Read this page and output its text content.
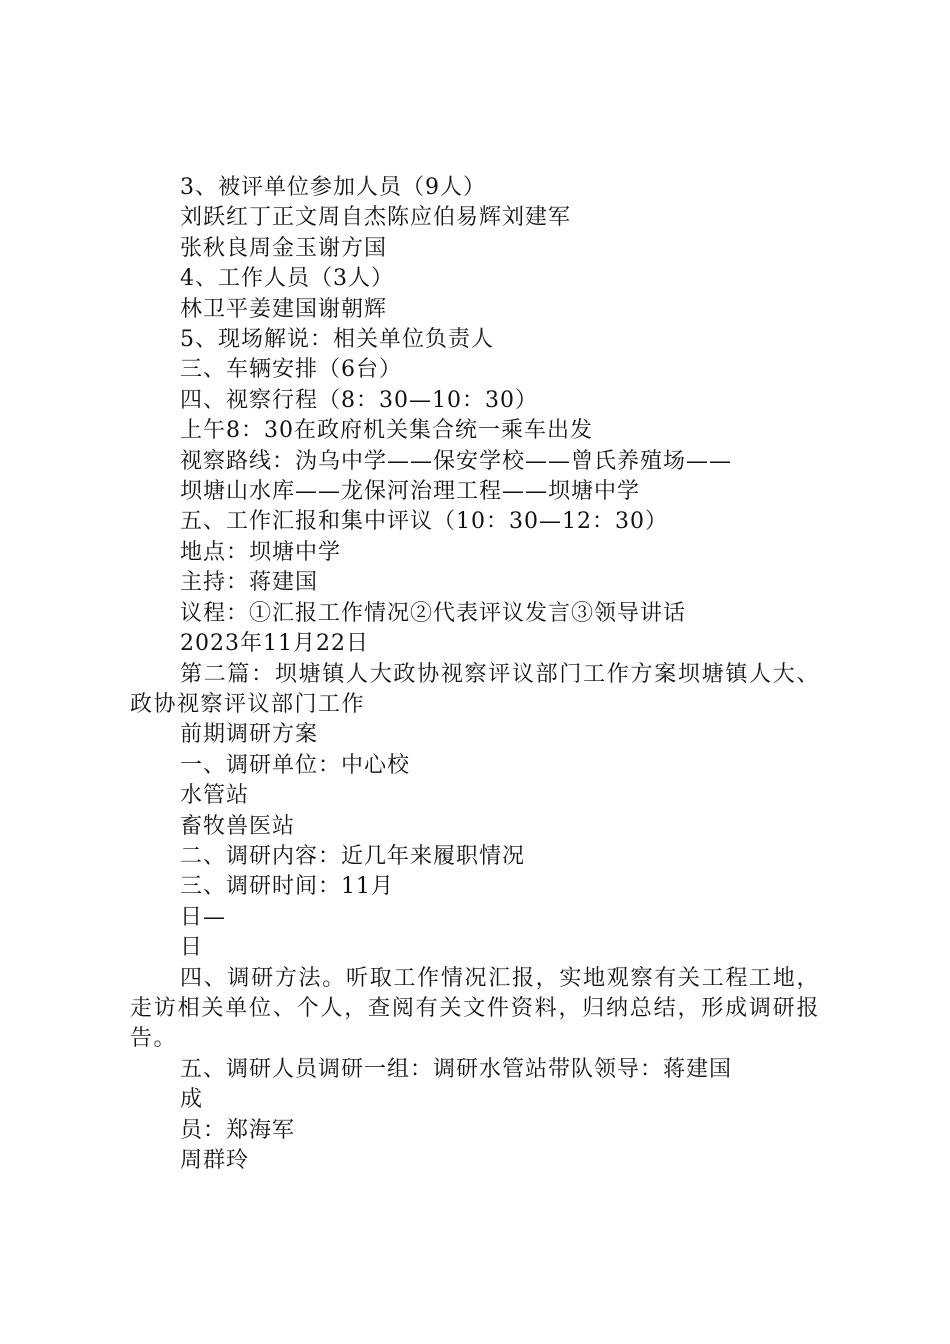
3、被评单位参加人员（9人）

刘跃红丁正文周自杰陈应伯易辉刘建军

张秋良周金玉谢方国

4、工作人员（3人）

林卫平姜建国谢朝辉

5、现场解说：相关单位负责人

三、车辆安排（6台）

四、视察行程（8：30—10：30）

上午8：30在政府机关集合统一乘车出发

视察路线：沩乌中学——保安学校——曾氏养殖场——

坝塘山水库——龙保河治理工程——坝塘中学

五、工作汇报和集中评议（10：30—12：30）

地点：坝塘中学

主持：蒋建国

议程：①汇报工作情况②代表评议发言③领导讲话

2023年11月22日

第二篇：坝塘镇人大政协视察评议部门工作方案坝塘镇人大、政协视察评议部门工作

前期调研方案

一、调研单位：中心校

水管站

畜牧兽医站

二、调研内容：近几年来履职情况

三、调研时间：11月

日—

日

四、调研方法。听取工作情况汇报，实地观察有关工程工地，走访相关单位、个人，查阅有关文件资料，归纳总结，形成调研报告。

五、调研人员调研一组：调研水管站带队领导：蒋建国

成

员：郑海军

周群玲
